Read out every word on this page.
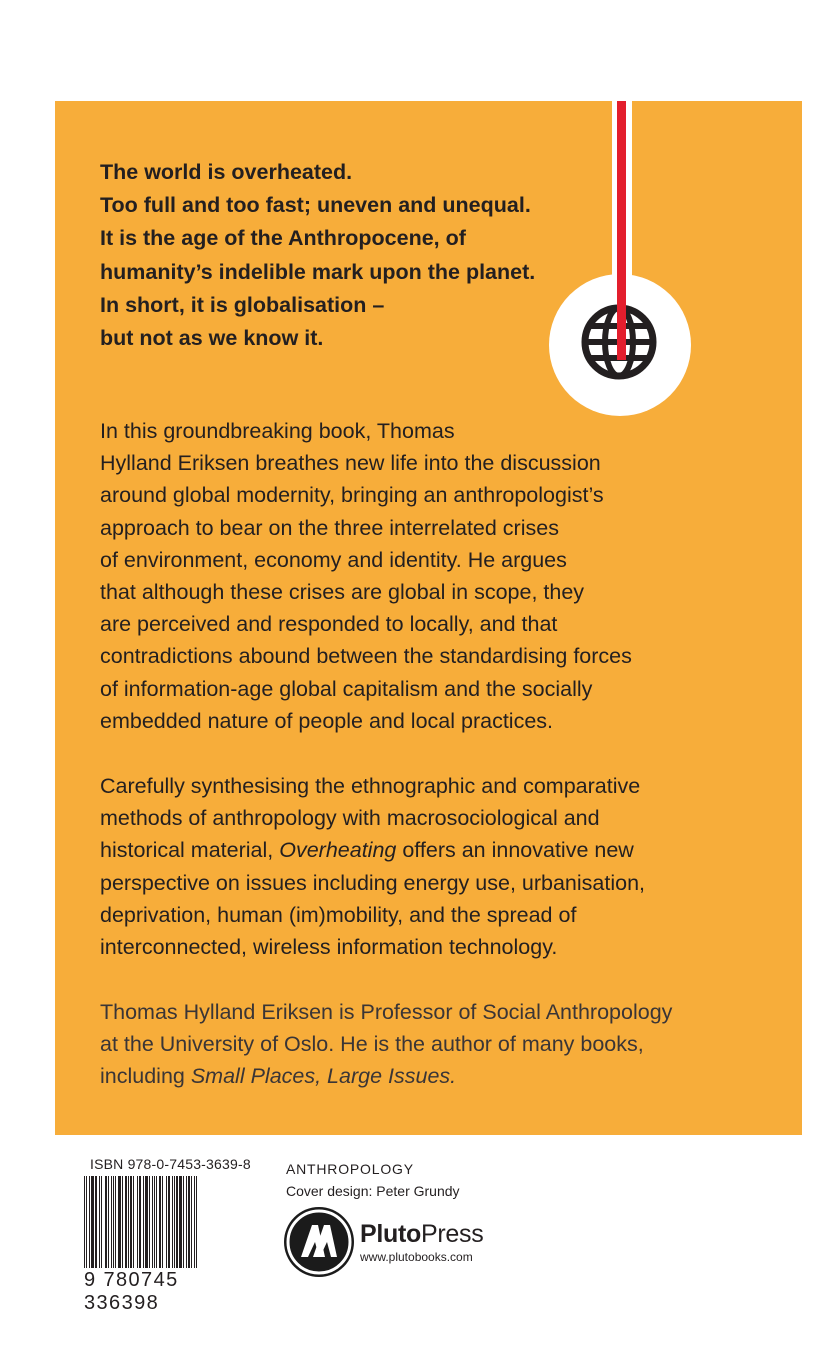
The world is overheated.
Too full and too fast; uneven and unequal.
It is the age of the Anthropocene, of
humanity’s indelible mark upon the planet.
In short, it is globalisation –
but not as we know it.
In this groundbreaking book, Thomas
Hylland Eriksen breathes new life into the discussion
around global modernity, bringing an anthropologist’s
approach to bear on the three interrelated crises
of environment, economy and identity. He argues
that although these crises are global in scope, they
are perceived and responded to locally, and that
contradictions abound between the standardising forces
of information-age global capitalism and the socially
embedded nature of people and local practices.
Carefully synthesising the ethnographic and comparative
methods of anthropology with macrosociological and
historical material, Overheating offers an innovative new
perspective on issues including energy use, urbanisation,
deprivation, human (im)mobility, and the spread of
interconnected, wireless information technology.
Thomas Hylland Eriksen is Professor of Social Anthropology
at the University of Oslo. He is the author of many books,
including Small Places, Large Issues.
ISBN 978-0-7453-3639-8
9 780745 336398
ANTHROPOLOGY
Cover design: Peter Grundy
PlutoPress
www.plutobooks.com
